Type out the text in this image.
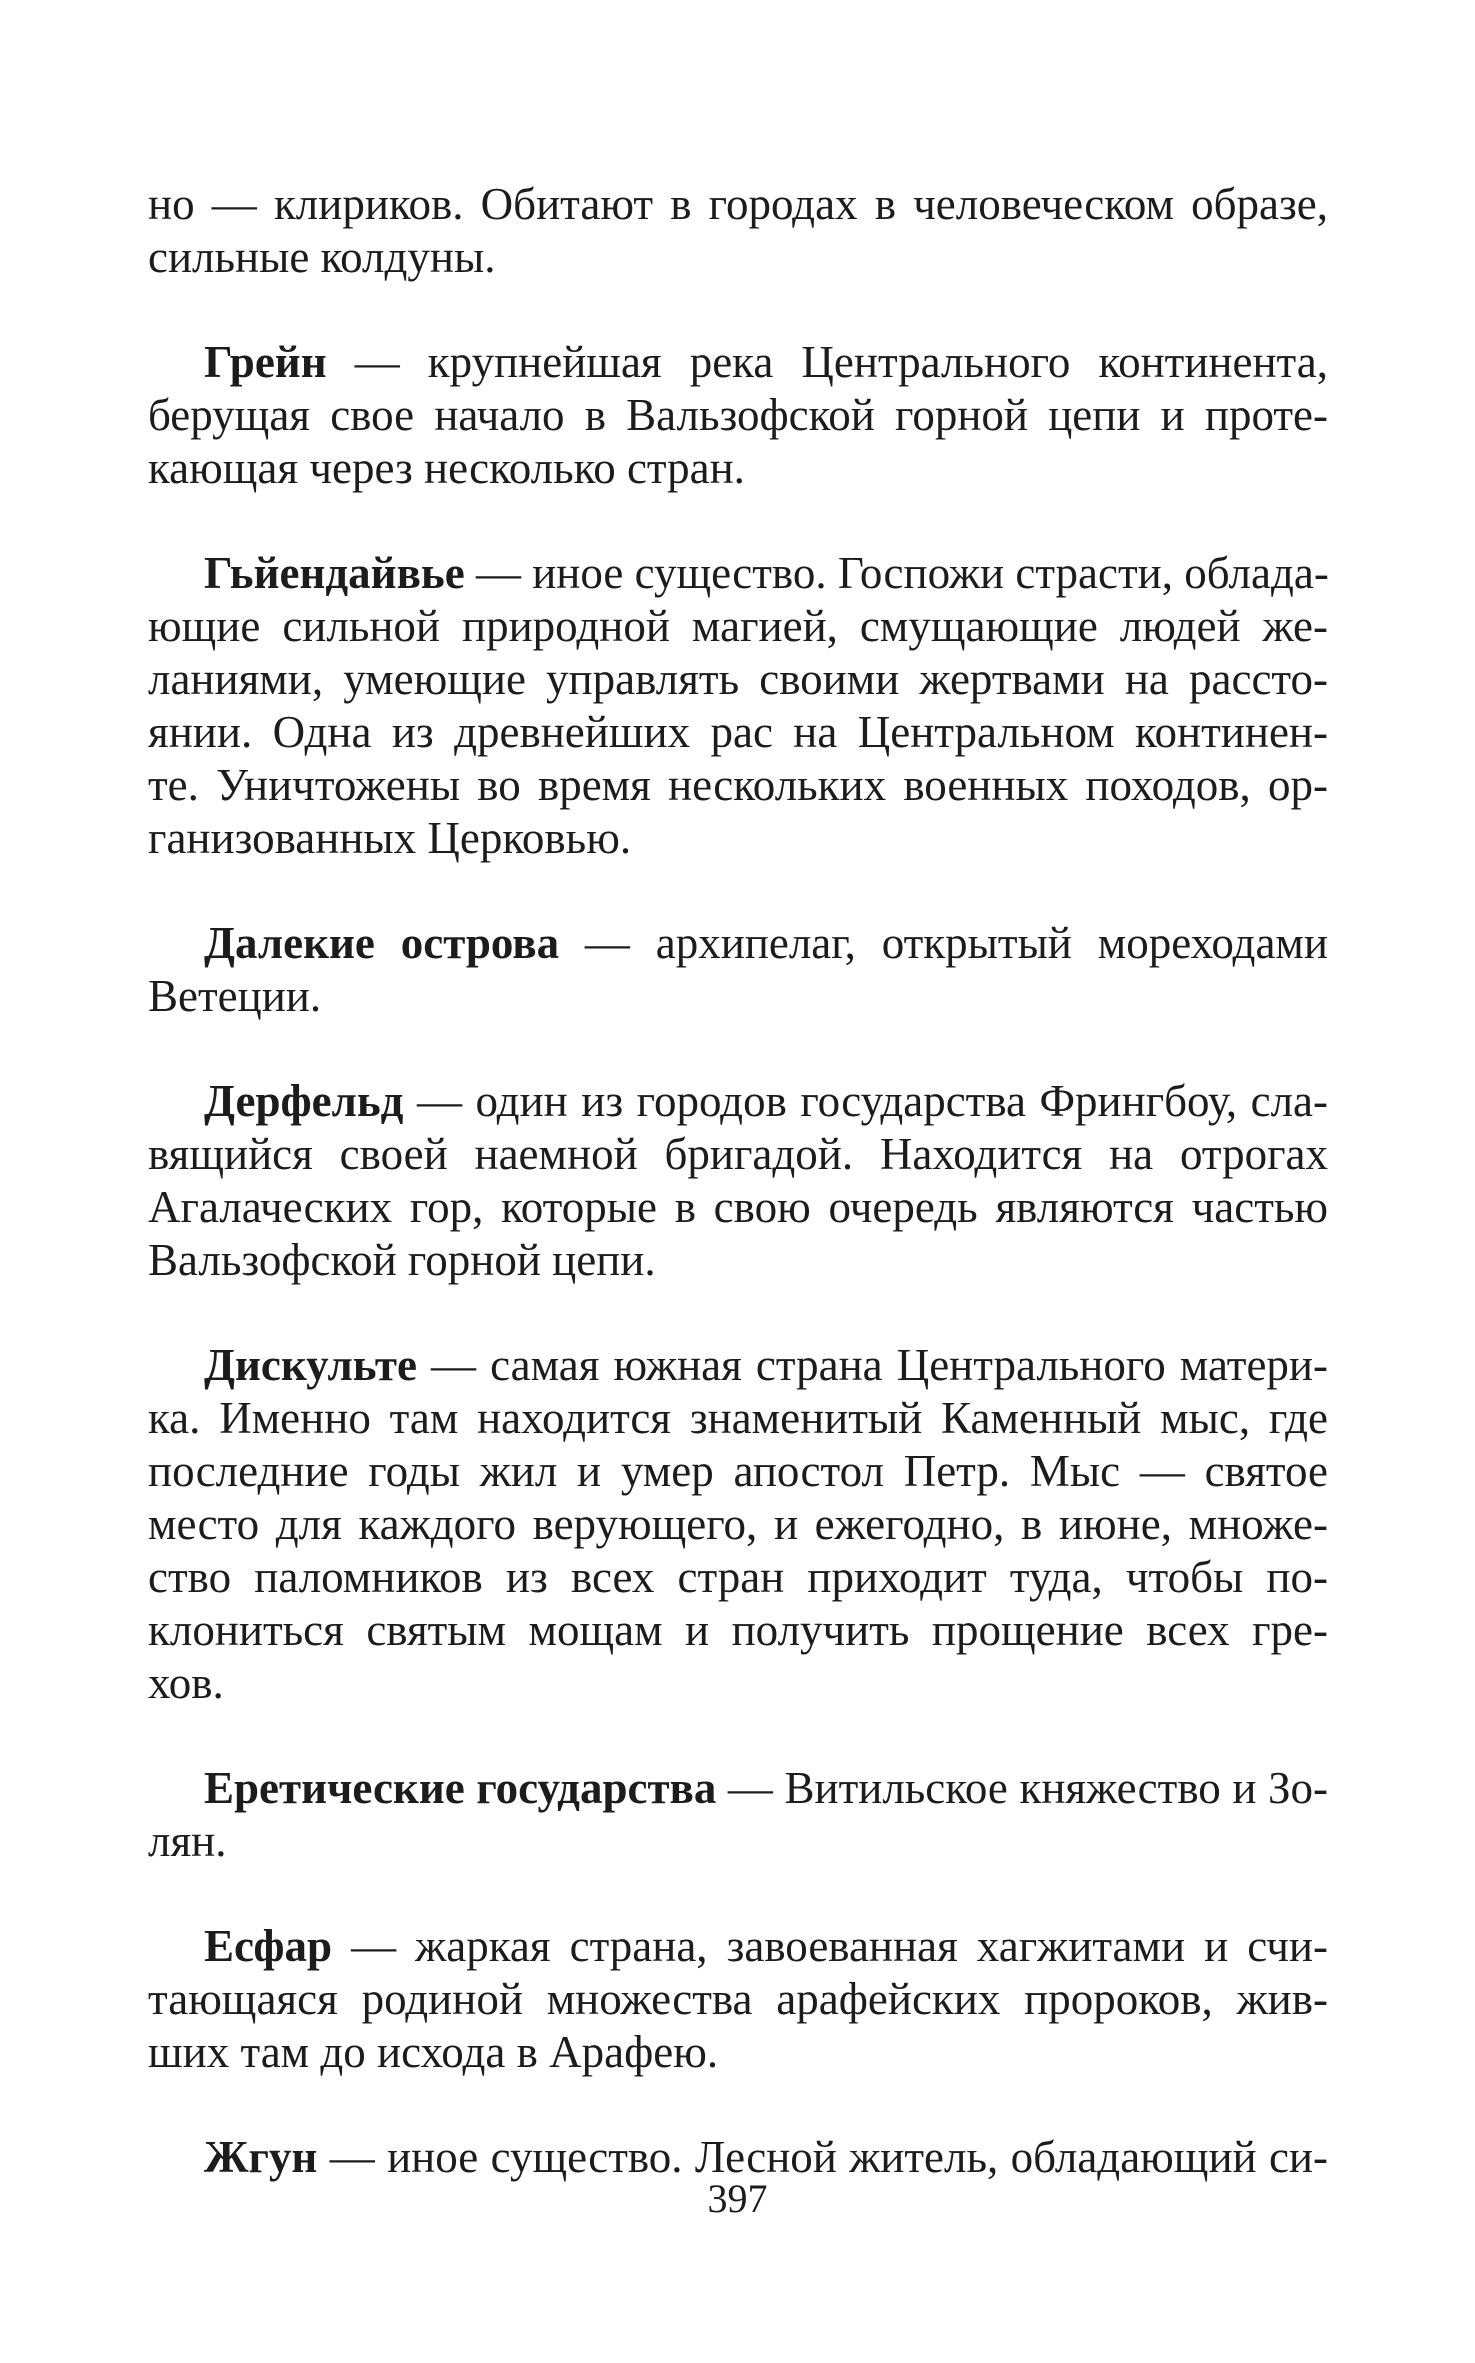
но — клириков. Обитают в городах в человеческом образе,
сильные колдуны.
Грейн — крупнейшая река Центрального континента,
берущая свое начало в Вальзофской горной цепи и проте-
кающая через несколько стран.
Гьйендайвье — иное существо. Госпожи страсти, облада-
ющие сильной природной магией, смущающие людей же-
ланиями, умеющие управлять своими жертвами на рассто-
янии. Одна из древнейших рас на Центральном континен-
те. Уничтожены во время нескольких военных походов, ор-
ганизованных Церковью.
Далекие острова — архипелаг, открытый мореходами
Ветеции.
Дерфельд — один из городов государства Фрингбоу, сла-
вящийся своей наемной бригадой. Находится на отрогах
Агалаческих гор, которые в свою очередь являются частью
Вальзофской горной цепи.
Дискульте — самая южная страна Центрального матери-
ка. Именно там находится знаменитый Каменный мыс, где
последние годы жил и умер апостол Петр. Мыс — святое
место для каждого верующего, и ежегодно, в июне, множе-
ство паломников из всех стран приходит туда, чтобы по-
клониться святым мощам и получить прощение всех гре-
хов.
Еретические государства — Витильское княжество и Зо-
лян.
Есфар — жаркая страна, завоеванная хагжитами и счи-
тающаяся родиной множества арафейских пророков, жив-
ших там до исхода в Арафею.
Жгун — иное существо. Лесной житель, обладающий си-
397
